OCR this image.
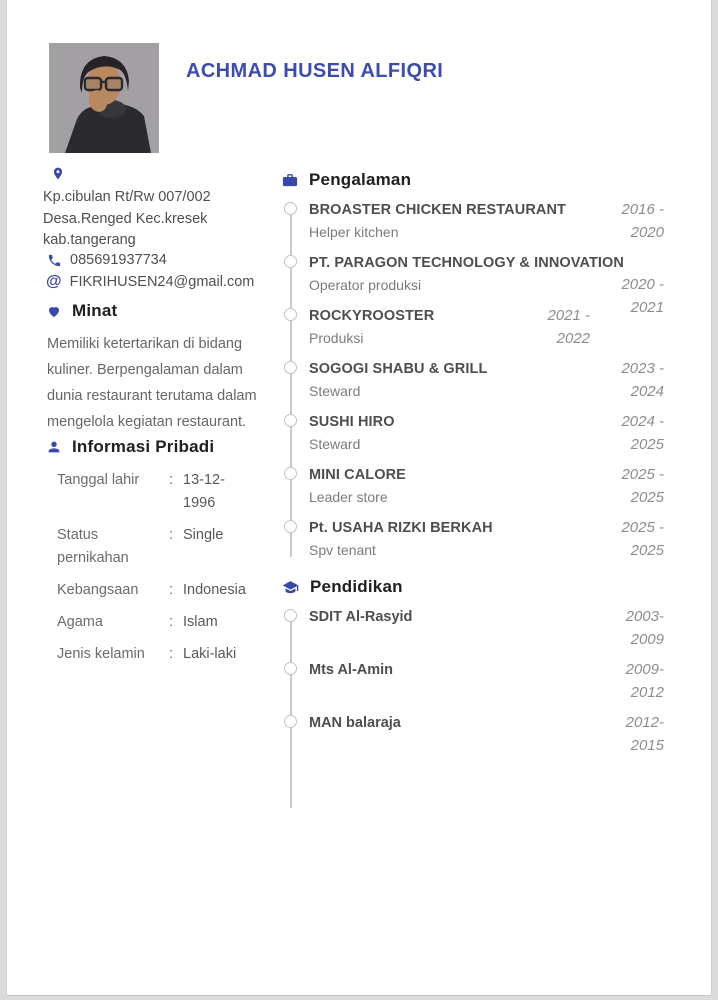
ACHMAD HUSEN ALFIQRI
Kp.cibulan Rt/Rw 007/002
Desa.Renged Kec.kresek
kab.tangerang
085691937734
@ FIKRIHUSEN24@gmail.com
Minat
Memiliki ketertarikan di bidang kuliner. Berpengalaman dalam dunia restaurant terutama dalam mengelola kegiatan restaurant.
Informasi Pribadi
Tanggal lahir	: 13-12-1996
Status pernikahan
: Single
Kebangsaan	: Indonesia
Agama	: Islam
Jenis kelamin	: Laki-laki
Pengalaman
BROASTER CHICKEN RESTAURANT
Helper kitchen
2016 -
2020
PT. PARAGON TECHNOLOGY & INNOVATION
Operator produksi	2020 -
2021
ROCKYROOSTER
Produksi
2021 -
2022
SOGOGI SHABU & GRILL
Steward
2023 -
2024
SUSHI HIRO
Steward
2024 -
2025
MINI CALORE
Leader store
2025 -
2025
Pt. USAHA RIZKI BERKAH
Spv tenant
2025 -
2025
Pendidikan
SDIT Al-Rasyid	2003-
2009
Mts Al-Amin	2009-
2012
MAN balaraja	2012-
2015
